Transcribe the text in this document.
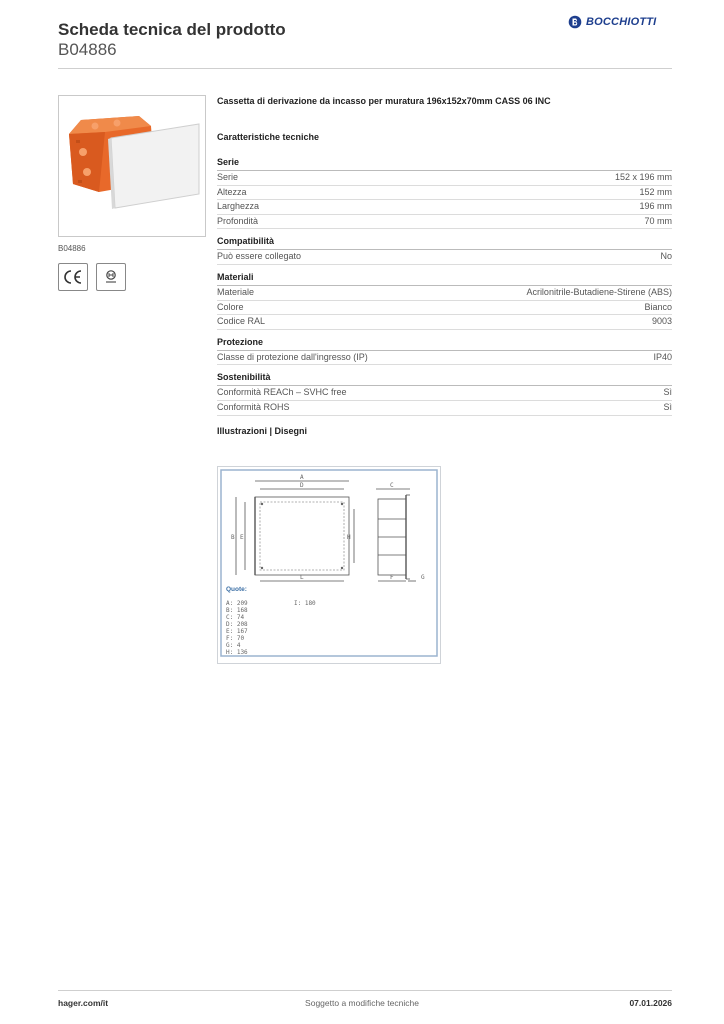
Scheda tecnica del prodotto
B04886
BOCCHIOTTI
B04886
Cassetta di derivazione da incasso per muratura 196x152x70mm CASS 06 INC
Caratteristiche tecniche
Serie
Serie	152 x 196 mm
Altezza	152 mm
Larghezza	196 mm
Profondità	70 mm
Compatibilità
Può essere collegato	No
Materiali
Materiale	Acrilonitrile-Butadiene-Stirene (ABS)
Colore	Bianco
Codice RAL	9003
Protezione
Classe di protezione dall'ingresso (IP)	IP40
Sostenibilità
Conformità REACh – SVHC free	Sì
Conformità ROHS	Sì
Illustrazioni | Disegni
A
D
B E	H
L
C
F	G
Quote:
A: 209
B: 168
C: 74
D: 208
E: 167
F: 70
G: 4
H: 136
I: 180
hager.com/it	Soggetto a modifiche tecniche	07.01.2026
